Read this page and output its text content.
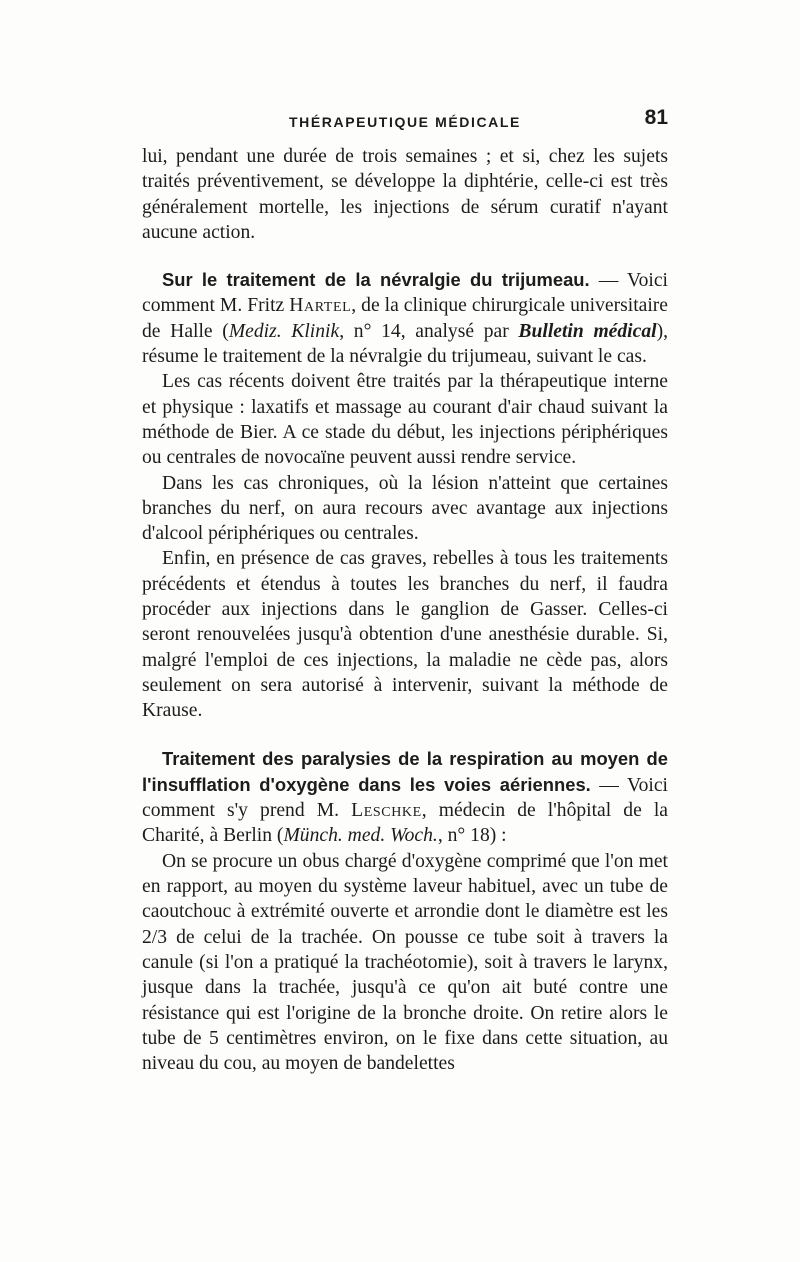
THÉRAPEUTIQUE MÉDICALE	81

lui, pendant une durée de trois semaines ; et si, chez les sujets traités préventivement, se développe la diphtérie, celle-ci est très généralement mortelle, les injections de sérum curatif n'ayant aucune action.

Sur le traitement de la névralgie du trijumeau. — Voici comment M. Fritz Hartel, de la clinique chirurgicale universitaire de Halle (Mediz. Klinik, n° 14, analysé par Bulletin médical), résume le traitement de la névralgie du trijumeau, suivant le cas.

Les cas récents doivent être traités par la thérapeutique interne et physique : laxatifs et massage au courant d'air chaud suivant la méthode de Bier. A ce stade du début, les injections périphériques ou centrales de novocaïne peuvent aussi rendre service.

Dans les cas chroniques, où la lésion n'atteint que certaines branches du nerf, on aura recours avec avantage aux injections d'alcool périphériques ou centrales.

Enfin, en présence de cas graves, rebelles à tous les traitements précédents et étendus à toutes les branches du nerf, il faudra procéder aux injections dans le ganglion de Gasser. Celles-ci seront renouvelées jusqu'à obtention d'une anesthésie durable. Si, malgré l'emploi de ces injections, la maladie ne cède pas, alors seulement on sera autorisé à intervenir, suivant la méthode de Krause.

Traitement des paralysies de la respiration au moyen de l'insufflation d'oxygène dans les voies aériennes. — Voici comment s'y prend M. Leschke, médecin de l'hôpital de la Charité, à Berlin (Münch. med. Woch., n° 18) :

On se procure un obus chargé d'oxygène comprimé que l'on met en rapport, au moyen du système laveur habituel, avec un tube de caoutchouc à extrémité ouverte et arrondie dont le diamètre est les 2/3 de celui de la trachée. On pousse ce tube soit à travers la canule (si l'on a pratiqué la trachéotomie), soit à travers le larynx, jusque dans la trachée, jusqu'à ce qu'on ait buté contre une résistance qui est l'origine de la bronche droite. On retire alors le tube de 5 centimètres environ, on le fixe dans cette situation, au niveau du cou, au moyen de bandelettes
